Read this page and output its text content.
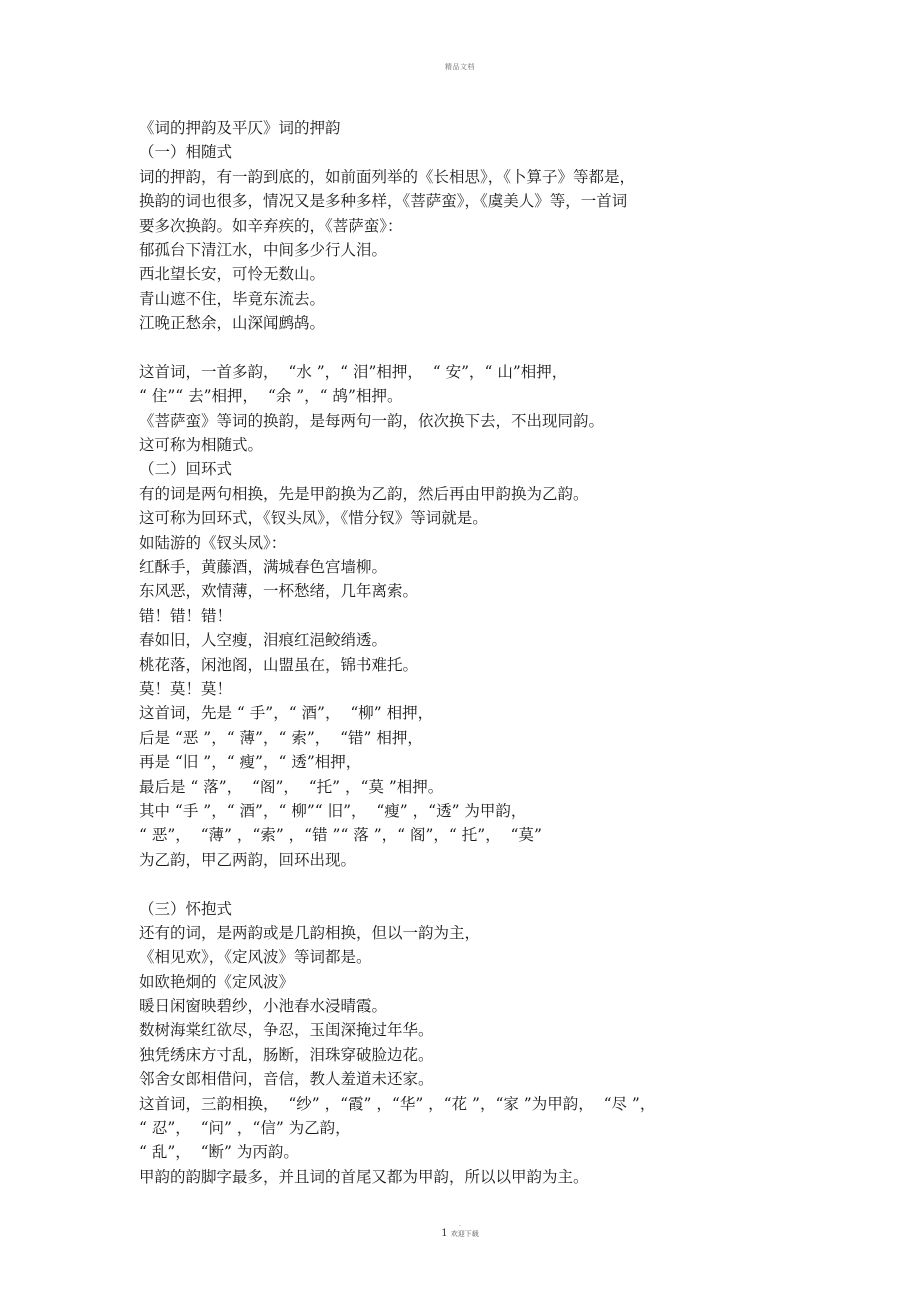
精品文档
《词的押韵及平仄》词的押韵
（一）相随式
词的押韵，有一韵到底的，如前面列举的《长相思》，《卜算子》等都是，
换韵的词也很多，情况又是多种多样，《菩萨蛮》，《虞美人》等，一首词
要多次换韵。如辛弃疾的，《菩萨蛮》：
郁孤台下清江水，中间多少行人泪。
西北望长安，可怜无数山。
青山遮不住，毕竟东流去。
江晚正愁余，山深闻鹧鸪。
这首词，一首多韵，  “水 ”，“ 泪”相押，  “ 安”，“ 山”相押，
“ 住”“ 去”相押，  “余 ”，“ 鸪”相押。
《菩萨蛮》等词的换韵，是每两句一韵，依次换下去，不出现同韵。
这可称为相随式。
（二）回环式
有的词是两句相换，先是甲韵换为乙韵，然后再由甲韵换为乙韵。
这可称为回环式，《钗头凤》，《惜分钗》等词就是。
如陆游的《钗头凤》：
红酥手，黄藤酒，满城春色宫墙柳。
东风恶，欢情薄，一杯愁绪，几年离索。
错！错！错！
春如旧，人空瘦，泪痕红浥鲛绡透。
桃花落，闲池阁，山盟虽在，锦书难托。
莫！莫！莫！
这首词，先是 “ 手”，“ 酒”，  “柳” 相押，
后是 “恶 ”，“ 薄”，“ 索”，  “错” 相押，
再是 “旧 ”，“ 瘦”，“ 透”相押，
最后是 “ 落”，  “阁”，  “托” ，“莫 ”相押。
其中 “手 ”，“ 酒”，“ 柳”“ 旧”，  “瘦” ，“透” 为甲韵，
“ 恶”，  “薄” ，“索” ，“错 ”“ 落 ”，“ 阁”，“ 托”，  “莫”
为乙韵，甲乙两韵，回环出现。
（三）怀抱式
还有的词，是两韵或是几韵相换，但以一韵为主，
《相见欢》，《定风波》等词都是。
如欧艳炯的《定风波》
暖日闲窗映碧纱，小池春水浸晴霞。
数树海棠红欲尽，争忍，玉闺深掩过年华。
独凭绣床方寸乱，肠断，泪珠穿破脸边花。
邻舍女郎相借问，音信，教人羞道未还家。
这首词，三韵相换，  “纱” ，“霞” ，“华” ，“花 ”，“家 ”为甲韵，  “尽 ”，
“ 忍”，  “问” ，“信” 为乙韵，
“ 乱”，  “断” 为丙韵。
甲韵的韵脚字最多，并且词的首尾又都为甲韵，所以以甲韵为主。
.
1 欢迎下载
